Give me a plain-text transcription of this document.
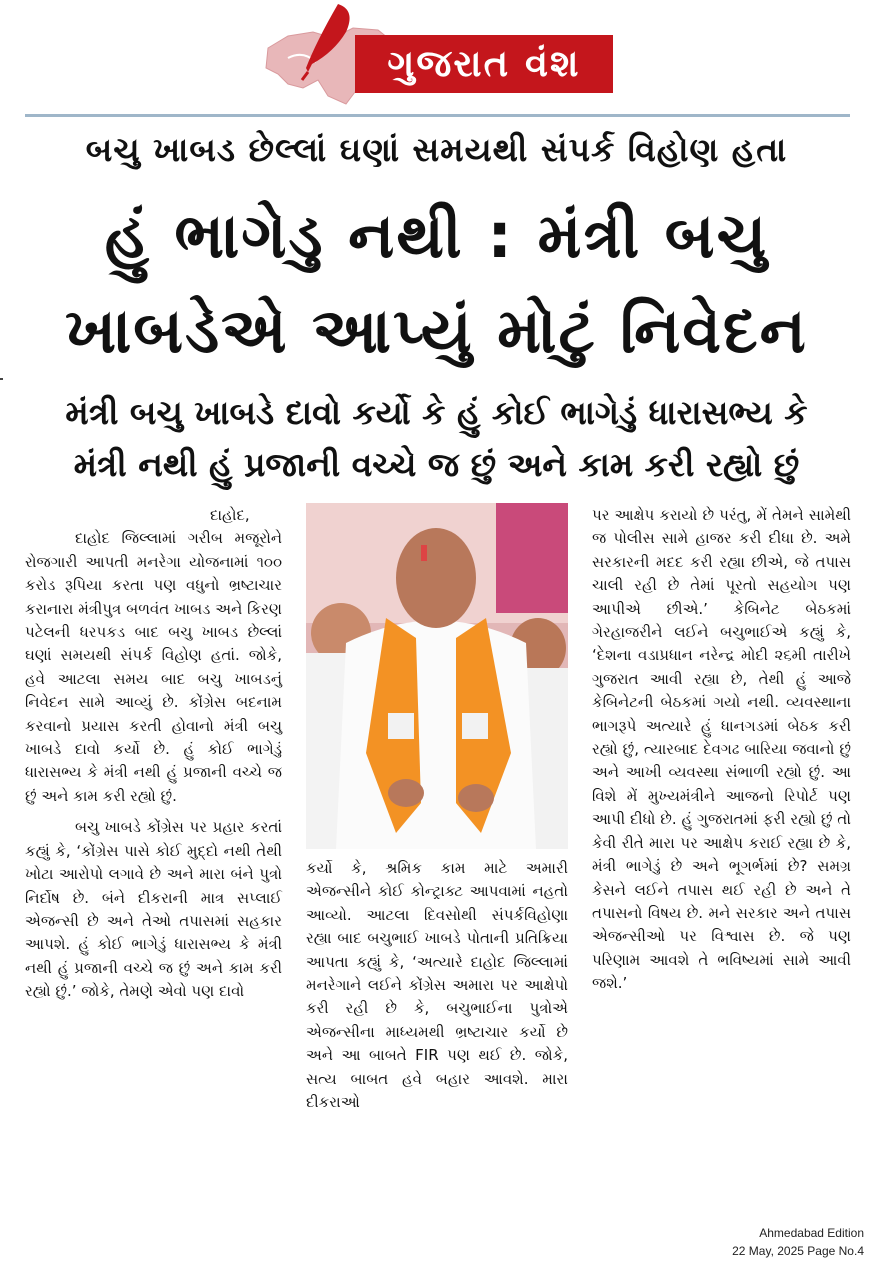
ગુજરાત વંશ
બચુ ખાબડ છેલ્લાં ઘણાં સમયથી સંપર્ક વિહોણ હતા
હું ભાગેડુ નથી : મંત્રી બચુ
ખાબડેએ આપ્યું મોટું નિવેદન
મંત્રી બચુ ખાબડે દાવો કર્યો કે હું કોઈ ભાગેડું ધારાસભ્ય કે
મંત્રી નથી હું પ્રજાની વચ્ચે જ છું અને કામ કરી રહ્યો છું

દાહોદ,

દાહોદ જિલ્લામાં ગરીબ મજૂરોને રોજગારી આપતી મનરેગા યોજનામાં ૧૦૦ કરોડ રૂપિયા કરતા પણ વધુનો ભ્રષ્ટાચાર કરાનારા મંત્રીપુત્ર બળવંત ખાબડ અને કિરણ પટેલની ધરપકડ બાદ બચુ ખાબડ છેલ્લાં ઘણાં સમયથી સંપર્ક વિહોણ હતાં. જોકે, હવે આટલા સમય બાદ બચુ ખાબડનું નિવેદન સામે આવ્યું છે. કોંગ્રેસ બદનામ કરવાનો પ્રયાસ કરતી હોવાનો મંત્રી બચુ ખાબડે દાવો કર્યો છે. હું કોઈ ભાગેડું ધારાસભ્ય કે મંત્રી નથી હું પ્રજાની વચ્ચે જ છું અને કામ કરી રહ્યો છું.

બચુ ખાબડે કોંગ્રેસ પર પ્રહાર કરતાં કહ્યું કે, ‘કોંગ્રેસ પાસે કોઈ મુદ્દો નથી તેથી ખોટા આરોપો લગાવે છે અને મારા બંને પુત્રો નિર્દોષ છે. બંને દીકરાની માત્ર સપ્લાઈ એજન્સી છે અને તેઓ તપાસમાં સહકાર આપશે. હું કોઈ ભાગેડું ધારાસભ્ય કે મંત્રી નથી હું પ્રજાની વચ્ચે જ છું અને કામ કરી રહ્યો છું.’ જોકે, તેમણે એવો પણ દાવો

કર્યો કે, શ્રમિક કામ માટે અમારી એજન્સીને કોઈ કોન્ટ્રાક્ટ આપવામાં નહતો આવ્યો. આટલા દિવસોથી સંપર્કવિહોણા રહ્યા બાદ બચુભાઈ ખાબડે પોતાની પ્રતિક્રિયા આપતા કહ્યું કે, ‘અત્યારે દાહોદ જિલ્લામાં મનરેગાને લઈને કોંગ્રેસ અમારા પર આક્ષેપો કરી રહી છે કે, બચુભાઈના પુત્રોએ એજન્સીના માધ્યમથી ભ્રષ્ટાચાર કર્યો છે અને આ બાબતે FIR પણ થઈ છે. જોકે, સત્ય બાબત હવે બહાર આવશે. મારા દીકરાઓ

પર આક્ષેપ કરાયો છે પરંતુ, મેં તેમને સામેથી જ પોલીસ સામે હાજર કરી દીધા છે. અમે સરકારની મદદ કરી રહ્યા છીએ, જે તપાસ ચાલી રહી છે તેમાં પૂરતો સહયોગ પણ આપીએ છીએ.’ કેબિનેટ બેઠકમાં ગેરહાજરીને લઈને બચુભાઈએ કહ્યું કે, ‘દેશના વડાપ્રધાન નરેન્દ્ર મોદી ૨૬મી તારીખે ગુજરાત આવી રહ્યા છે, તેથી હું આજે કેબિનેટની બેઠકમાં ગયો નથી. વ્યવસ્થાના ભાગરૂપે અત્યારે હું ધાનગડમાં બેઠક કરી રહ્યો છું, ત્યારબાદ દેવગઢ બારિયા જવાનો છું અને આખી વ્યવસ્થા સંભાળી રહ્યો છું. આ વિશે મેં મુખ્યમંત્રીને આજનો રિપોર્ટ પણ આપી દીધો છે. હું ગુજરાતમાં ફરી રહ્યો છું તો કેવી રીતે મારા પર આક્ષેપ કરાઈ રહ્યા છે કે, મંત્રી ભાગેડું છે અને ભૂગર્ભમાં છે? સમગ્ર કેસને લઈને તપાસ થઈ રહી છે અને તે તપાસનો વિષય છે. મને સરકાર અને તપાસ એજન્સીઓ પર વિશ્વાસ છે. જે પણ પરિણામ આવશે તે ભવિષ્યમાં સામે આવી જશે.’

Ahmedabad Edition
22 May, 2025 Page No.4
